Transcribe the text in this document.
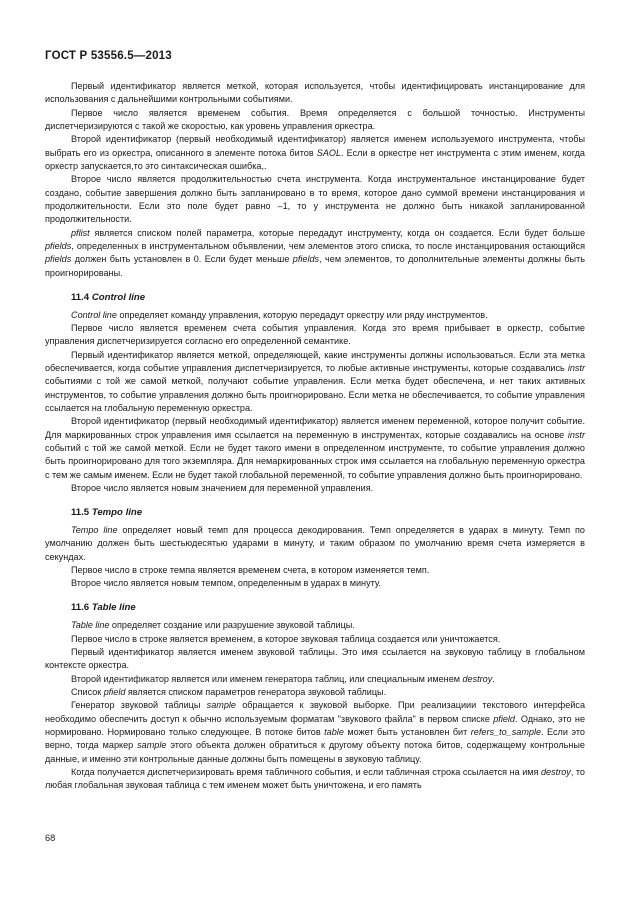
ГОСТ Р 53556.5—2013

Первый идентификатор является меткой, которая используется, чтобы идентифицировать инстанцирование для использования с дальнейшими контрольными событиями.

Первое число является временем события. Время определяется с большой точностью. Инструменты диспетчеризируются с такой же скоростью, как уровень управления оркестра.

Второй идентификатор (первый необходимый идентификатор) является именем используемого инструмента, чтобы выбрать его из оркестра, описанного в элементе потока битов SAOL. Если в оркестре нет инструмента с этим именем, когда оркестр запускается,то это синтаксическая ошибка,.

Второе число является продолжительностью счета инструмента. Когда инструментальное инстанцирование будет создано, событие завершения должно быть запланировано в то время, которое дано суммой времени инстанцирования и продолжительности. Если это поле будет равно –1, то у инструмента не должно быть никакой запланированной продолжительности.

pflist является списком полей параметра, которые передадут инструменту, когда он создается. Если будет больше pfields, определенных в инструментальном объявлении, чем элементов этого списка, то после инстанцирования остающийся pfields должен быть установлен в 0. Если будет меньше pfields, чем элементов, то дополнительные элементы должны быть проигнорированы.

11.4 Control line

Control line определяет команду управления, которую передадут оркестру или ряду инструментов.

Первое число является временем счета события управления. Когда это время прибывает в оркестр, событие управления диспетчеризируется согласно его определенной семантике.

Первый идентификатор является меткой, определяющей, какие инструменты должны использоваться. Если эта метка обеспечивается, когда событие управления диспетчеризируется, то любые активные инструменты, которые создавались instr событиями с той же самой меткой, получают событие управления. Если метка будет обеспечена, и нет таких активных инструментов, то событие управления должно быть проигнорировано. Если метка не обеспечивается, то событие управления ссылается на глобальную переменную оркестра.

Второй идентификатор (первый необходимый идентификатор) является именем переменной, которое получит событие. Для маркированных строк управления имя ссылается на переменную в инструментах, которые создавались на основе instr событий с той же самой меткой. Если не будет такого имени в определенном инструменте, то событие управления должно быть проигнорировано для того экземпляра. Для немаркированных строк имя ссылается на глобальную переменную оркестра с тем же самым именем. Если не будет такой глобальной переменной, то событие управления должно быть проигнорировано.

Второе число является новым значением для переменной управления.

11.5 Tempo line

Tempo line определяет новый темп для процесса декодирования. Темп определяется в ударах в минуту. Темп по умолчанию должен быть шестьюдесятью ударами в минуту, и таким образом по умолчанию время счета измеряется в секундах.

Первое число в строке темпа является временем счета, в котором изменяется темп.

Второе число является новым темпом, определенным в ударах в минуту.

11.6 Table line

Table line определяет создание или разрушение звуковой таблицы.

Первое число в строке является временем, в которое звуковая таблица создается или уничтожается.

Первый идентификатор является именем звуковой таблицы. Это имя ссылается на звуковую таблицу в глобальном контексте оркестра.

Второй идентификатор является или именем генератора таблиц, или специальным именем destroy.

Список pfield является списком параметров генератора звуковой таблицы.

Генератор звуковой таблицы sample обращается к звуковой выборке. При реализациии текстового интерфейса необходимо обеспечить доступ к обычно используемым форматам "звукового файла" в первом списке pfield. Однако, это не нормировано. Нормировано только следующее. В потоке битов table может быть установлен бит refers_to_sample. Если это верно, тогда маркер sample этого объекта должен обратиться к другому объекту потока битов, содержащему контрольные данные, и именно эти контрольные данные должны быть помещены в звуковую таблицу.

Когда получается диспетчеризировать время табличного события, и если табличная строка ссылается на имя destroy, то любая глобальная звуковая таблица с тем именем может быть уничтожена, и его память

68
